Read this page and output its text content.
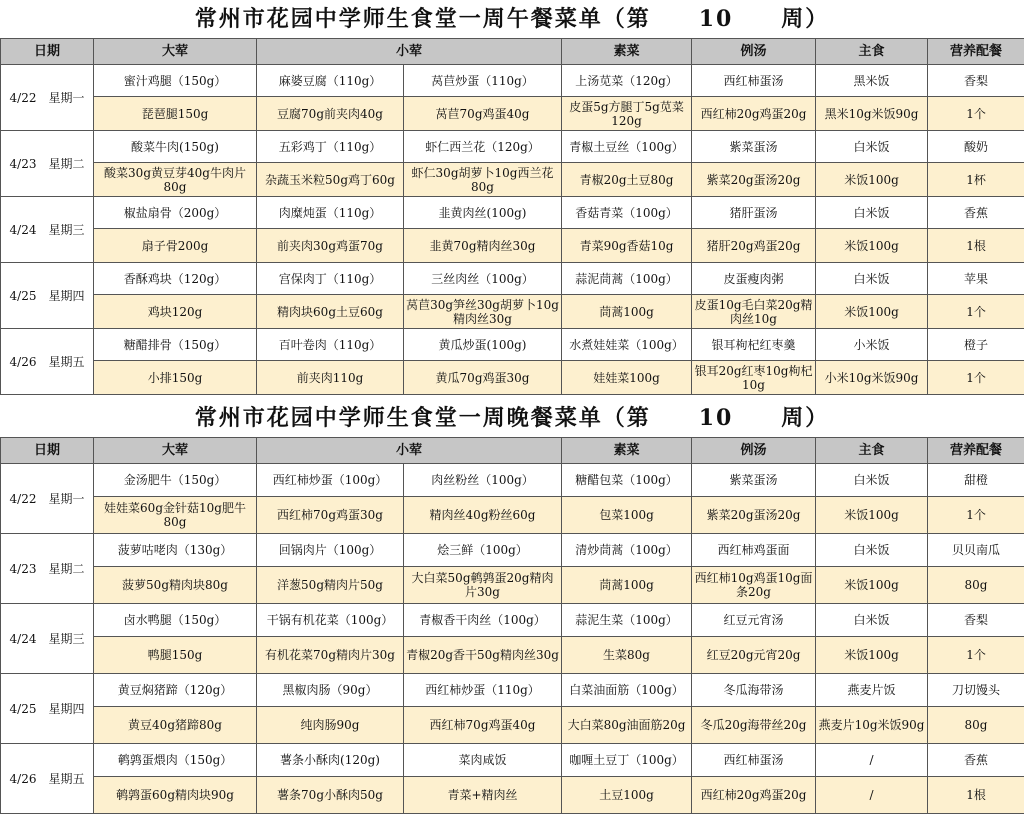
常州市花园中学师生食堂一周午餐菜单（第　　10　　周）
日期	大荤	小荤		素菜	例汤	主食	营养配餐
4/22　星期一	蜜汁鸡腿（150g）	麻婆豆腐（110g）	莴苣炒蛋（110g）	上汤苋菜（120g）	西红柿蛋汤	黑米饭	香梨
	琵琶腿150g	豆腐70g前夹肉40g	莴苣70g鸡蛋40g	皮蛋5g方腿丁5g苋菜120g	西红柿20g鸡蛋20g	黑米10g米饭90g	1个
4/23　星期二	酸菜牛肉(150g)	五彩鸡丁（110g）	虾仁西兰花（120g）	青椒土豆丝（100g）	紫菜蛋汤	白米饭	酸奶
	酸菜30g黄豆芽40g牛肉片80g	杂蔬玉米粒50g鸡丁60g	虾仁30g胡萝卜10g西兰花80g	青椒20g土豆80g	紫菜20g蛋汤20g	米饭100g	1杯
4/24　星期三	椒盐扇骨（200g）	肉糜炖蛋（110g）	韭黄肉丝(100g)	香菇青菜（100g）	猪肝蛋汤	白米饭	香蕉
	扇子骨200g	前夹肉30g鸡蛋70g	韭黄70g精肉丝30g	青菜90g香菇10g	猪肝20g鸡蛋20g	米饭100g	1根
4/25　星期四	香酥鸡块（120g）	宫保肉丁（110g）	三丝肉丝（100g）	蒜泥茼蒿（100g）	皮蛋瘦肉粥	白米饭	苹果
	鸡块120g	精肉块60g土豆60g	莴苣30g笋丝30g胡萝卜10g精肉丝30g	茼蒿100g	皮蛋10g毛白菜20g精肉丝10g	米饭100g	1个
4/26　星期五	糖醋排骨（150g）	百叶卷肉（110g）	黄瓜炒蛋(100g)	水煮娃娃菜（100g）	银耳枸杞红枣羹	小米饭	橙子
	小排150g	前夹肉110g	黄瓜70g鸡蛋30g	娃娃菜100g	银耳20g红枣10g枸杞10g	小米10g米饭90g	1个
常州市花园中学师生食堂一周晚餐菜单（第　　10　　周）
日期	大荤	小荤		素菜	例汤	主食	营养配餐
4/22　星期一	金汤肥牛（150g）	西红柿炒蛋（100g）	肉丝粉丝（100g）	糖醋包菜（100g）	紫菜蛋汤	白米饭	甜橙
	娃娃菜60g金针菇10g肥牛80g	西红柿70g鸡蛋30g	精肉丝40g粉丝60g	包菜100g	紫菜20g蛋汤20g	米饭100g	1个
4/23　星期二	菠萝咕咾肉（130g）	回锅肉片（100g）	烩三鲜（100g）	清炒茼蒿（100g）	西红柿鸡蛋面	白米饭	贝贝南瓜
	菠萝50g精肉块80g	洋葱50g精肉片50g	大白菜50g鹌鹑蛋20g精肉片30g	茼蒿100g	西红柿10g鸡蛋10g面条20g	米饭100g	80g
4/24　星期三	卤水鸭腿（150g）	干锅有机花菜（100g）	青椒香干肉丝（100g）	蒜泥生菜（100g）	红豆元宵汤	白米饭	香梨
	鸭腿150g	有机花菜70g精肉片30g	青椒20g香干50g精肉丝30g	生菜80g	红豆20g元宵20g	米饭100g	1个
4/25　星期四	黄豆焖猪蹄（120g）	黑椒肉肠（90g）	西红柿炒蛋（110g）	白菜油面筋（100g）	冬瓜海带汤	燕麦片饭	刀切馒头
	黄豆40g猪蹄80g	纯肉肠90g	西红柿70g鸡蛋40g	大白菜80g油面筋20g	冬瓜20g海带丝20g	燕麦片10g米饭90g	80g
4/26　星期五	鹌鹑蛋煨肉（150g）	薯条小酥肉(120g)	菜肉咸饭	咖喱土豆丁（100g）	西红柿蛋汤	/	香蕉
	鹌鹑蛋60g精肉块90g	薯条70g小酥肉50g	青菜+精肉丝	土豆100g	西红柿20g鸡蛋20g	/	1根
